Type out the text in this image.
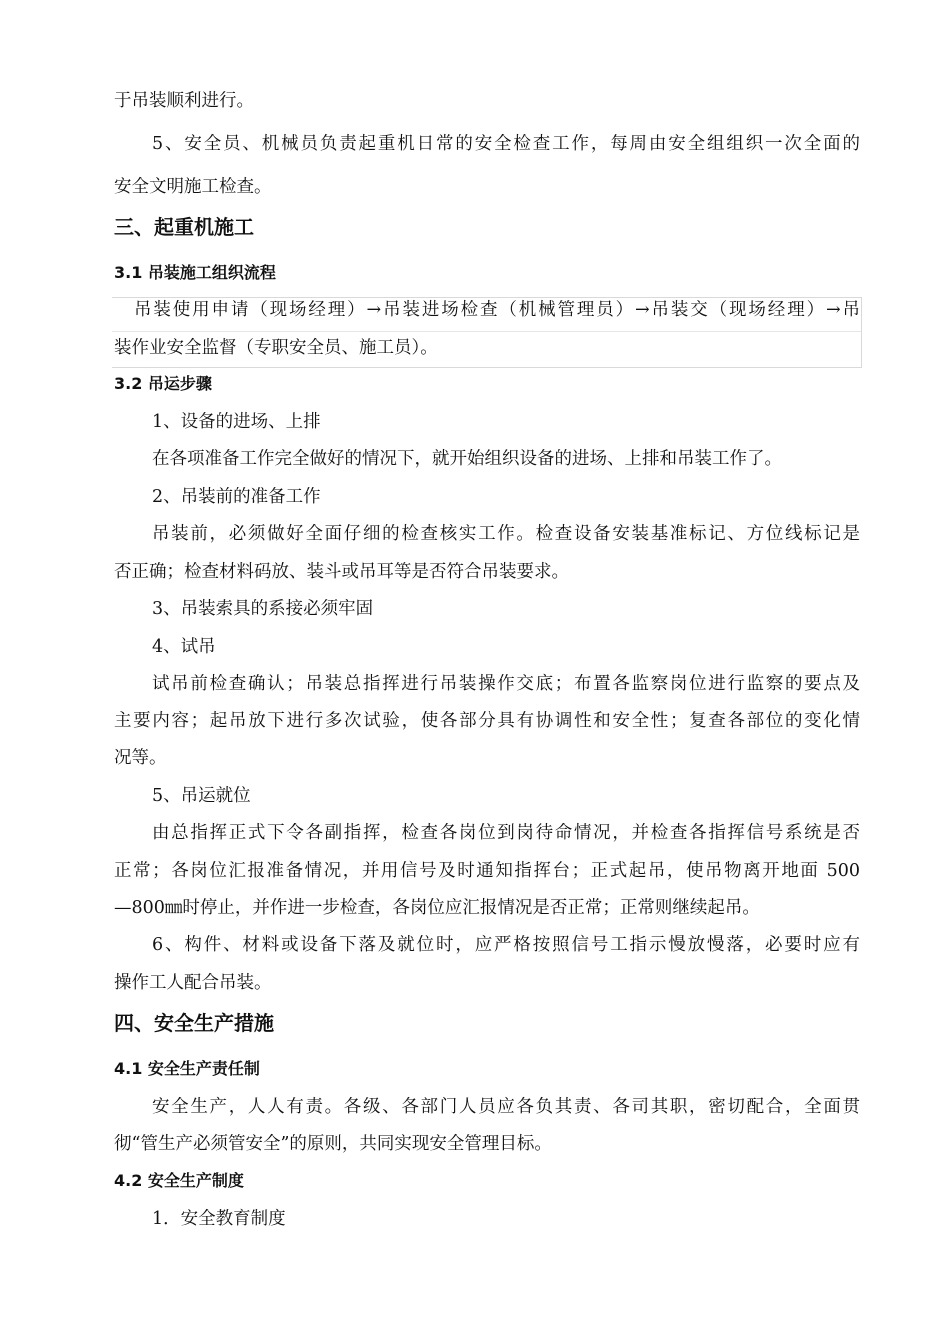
于吊装顺利进行。
5、安全员、机械员负责起重机日常的安全检查工作，每周由安全组组织一次全面的
安全文明施工检查。
三、起重机施工
3.1 吊装施工组织流程
吊装使用申请（现场经理）→吊装进场检查（机械管理员）→吊装交（现场经理）→吊
装作业安全监督（专职安全员、施工员）。
3.2 吊运步骤
1、设备的进场、上排
在各项准备工作完全做好的情况下，就开始组织设备的进场、上排和吊装工作了。
2、吊装前的准备工作
吊装前，必须做好全面仔细的检查核实工作。检查设备安装基准标记、方位线标记是
否正确；检查材料码放、装斗或吊耳等是否符合吊装要求。
3、吊装索具的系接必须牢固
4、试吊
试吊前检查确认；吊装总指挥进行吊装操作交底；布置各监察岗位进行监察的要点及
主要内容；起吊放下进行多次试验，使各部分具有协调性和安全性；复查各部位的变化情
况等。
5、吊运就位
由总指挥正式下令各副指挥，检查各岗位到岗待命情况，并检查各指挥信号系统是否
正常；各岗位汇报准备情况，并用信号及时通知指挥台；正式起吊，使吊物离开地面 500
—800㎜时停止，并作进一步检查，各岗位应汇报情况是否正常；正常则继续起吊。
6、构件、材料或设备下落及就位时，应严格按照信号工指示慢放慢落，必要时应有
操作工人配合吊装。
四、安全生产措施
4.1 安全生产责任制
安全生产，人人有责。各级、各部门人员应各负其责、各司其职，密切配合，全面贯
彻“管生产必须管安全”的原则，共同实现安全管理目标。
4.2 安全生产制度
1．安全教育制度
